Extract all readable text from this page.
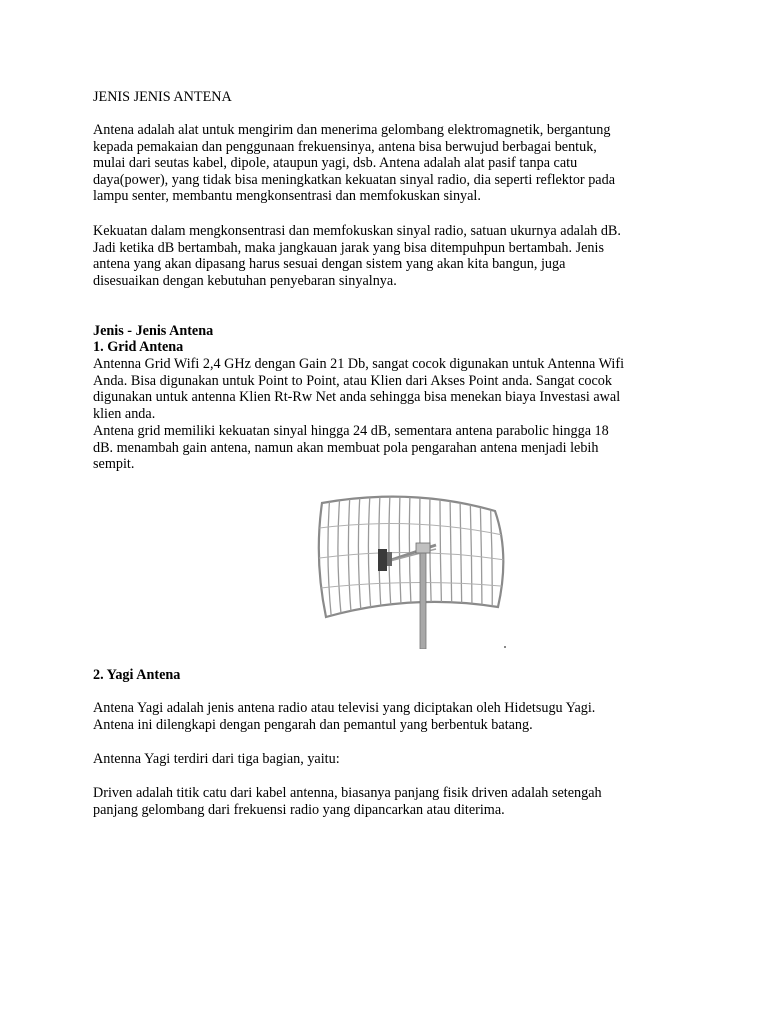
JENIS JENIS ANTENA
Antena adalah alat untuk mengirim dan menerima gelombang elektromagnetik, bergantung
kepada pemakaian dan penggunaan frekuensinya, antena bisa berwujud berbagai bentuk,
mulai dari seutas kabel, dipole, ataupun yagi, dsb. Antena adalah alat pasif tanpa catu
daya(power), yang tidak bisa meningkatkan kekuatan sinyal radio, dia seperti reflektor pada
lampu senter, membantu mengkonsentrasi dan memfokuskan sinyal.
Kekuatan dalam mengkonsentrasi dan memfokuskan sinyal radio, satuan ukurnya adalah dB.
Jadi ketika dB bertambah, maka jangkauan jarak yang bisa ditempuhpun bertambah. Jenis
antena yang akan dipasang harus sesuai dengan sistem yang akan kita bangun, juga
disesuaikan dengan kebutuhan penyebaran sinyalnya.
Jenis - Jenis Antena
1. Grid Antena
Antenna Grid Wifi 2,4 GHz dengan Gain 21 Db, sangat cocok digunakan untuk Antenna Wifi
Anda. Bisa digunakan untuk Point to Point, atau Klien dari Akses Point anda. Sangat cocok
digunakan untuk antenna Klien Rt-Rw Net anda sehingga bisa menekan biaya Investasi awal
klien anda.
Antena grid memiliki kekuatan sinyal hingga 24 dB, sementara antena parabolic hingga 18
dB. menambah gain antena, namun akan membuat pola pengarahan antena menjadi lebih
sempit.
2. Yagi Antena
Antena Yagi adalah jenis antena radio atau televisi yang diciptakan oleh Hidetsugu Yagi.
Antena ini dilengkapi dengan pengarah dan pemantul yang berbentuk batang.
Antenna Yagi terdiri dari tiga bagian, yaitu:
Driven adalah titik catu dari kabel antenna, biasanya panjang fisik driven adalah setengah
panjang gelombang dari frekuensi radio yang dipancarkan atau diterima.
